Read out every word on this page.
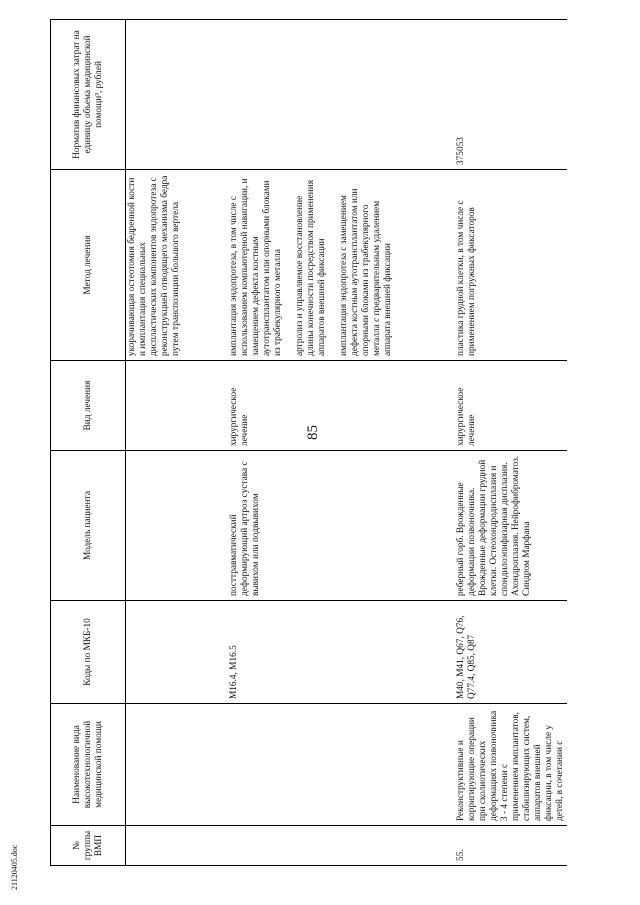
85
№ группы ВМП	Наименование вида высокотехнологичной медицинской помощи	Коды по МКБ-10	Модель пациента	Вид лечения	Метод лечения	Норматив финансовых затрат на единицу объема медицинской помощи³, рублей

					укорачивающая остеотомия бедренной кости и имплантация специальных диспластических компонентов эндопротеза с реконструкцией отводящего механизма бедра путем транспозиции большого вертела	

		M16.4, M16.5	посттравматический деформирующий артроз сустава с вывихом или подвывихом	хирургическое лечение	имплантация эндопротеза, в том числе с использованием компьютерной навигации, и замещением дефекта костным аутотрансплантатом или опорными блоками из трабекулярного металла артролиз и управляемое восстановление длины конечности посредством применения аппаратов внешней фиксации имплантация эндопротеза с замещением дефекта костным аутотрансплантатом или опорными блоками из трабекулярного металла с предварительным удалением аппарата внешней фиксации	

55.	Реконструктивные и корригирующие операции при сколиотических деформациях позвоночника 3 - 4 степени с применением имплантатов, стабилизирующих систем, аппаратов внешней фиксации, в том числе у детей, в сочетании с	M40, M41, Q67, Q76, Q77.4, Q85, Q87	реберный горб. Врожденные деформации позвоночника. Врожденные деформации грудной клетки. Остеохондродисплазия и спондилоэпифизарная дисплазия. Ахондроплазия. Нейрофиброматоз. Синдром Марфана	хирургическое лечение	пластика грудной клетки, в том числе с применением погружных фиксаторов	375053
21120405.doc
